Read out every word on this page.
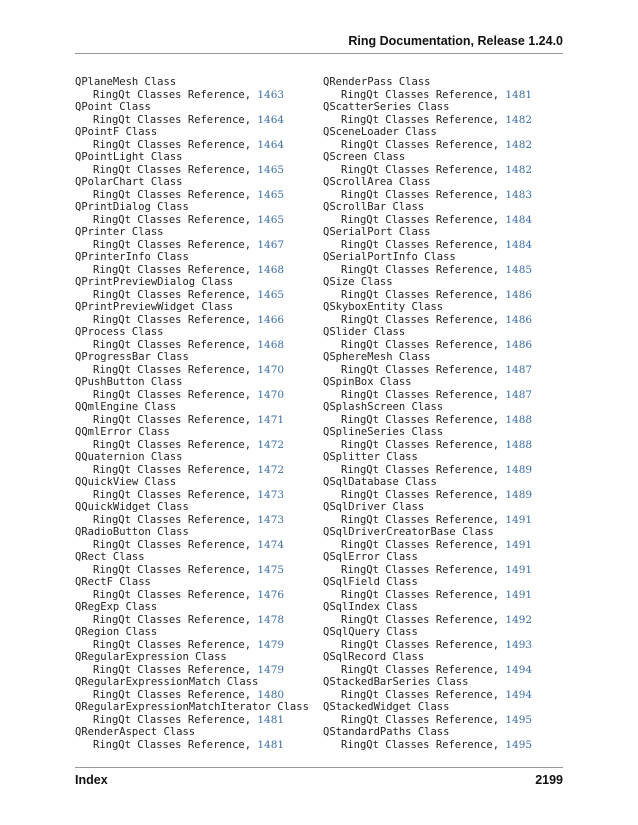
Ring Documentation, Release 1.24.0
QPlaneMesh Class
RingQt Classes Reference, 1463
QPoint Class
RingQt Classes Reference, 1464
QPointF Class
RingQt Classes Reference, 1464
QPointLight Class
RingQt Classes Reference, 1465
QPolarChart Class
RingQt Classes Reference, 1465
QPrintDialog Class
RingQt Classes Reference, 1465
QPrinter Class
RingQt Classes Reference, 1467
QPrinterInfo Class
RingQt Classes Reference, 1468
QPrintPreviewDialog Class
RingQt Classes Reference, 1465
QPrintPreviewWidget Class
RingQt Classes Reference, 1466
QProcess Class
RingQt Classes Reference, 1468
QProgressBar Class
RingQt Classes Reference, 1470
QPushButton Class
RingQt Classes Reference, 1470
QQmlEngine Class
RingQt Classes Reference, 1471
QQmlError Class
RingQt Classes Reference, 1472
QQuaternion Class
RingQt Classes Reference, 1472
QQuickView Class
RingQt Classes Reference, 1473
QQuickWidget Class
RingQt Classes Reference, 1473
QRadioButton Class
RingQt Classes Reference, 1474
QRect Class
RingQt Classes Reference, 1475
QRectF Class
RingQt Classes Reference, 1476
QRegExp Class
RingQt Classes Reference, 1478
QRegion Class
RingQt Classes Reference, 1479
QRegularExpression Class
RingQt Classes Reference, 1479
QRegularExpressionMatch Class
RingQt Classes Reference, 1480
QRegularExpressionMatchIterator Class
RingQt Classes Reference, 1481
QRenderAspect Class
RingQt Classes Reference, 1481
QRenderPass Class
RingQt Classes Reference, 1481
QScatterSeries Class
RingQt Classes Reference, 1482
QSceneLoader Class
RingQt Classes Reference, 1482
QScreen Class
RingQt Classes Reference, 1482
QScrollArea Class
RingQt Classes Reference, 1483
QScrollBar Class
RingQt Classes Reference, 1484
QSerialPort Class
RingQt Classes Reference, 1484
QSerialPortInfo Class
RingQt Classes Reference, 1485
QSize Class
RingQt Classes Reference, 1486
QSkyboxEntity Class
RingQt Classes Reference, 1486
QSlider Class
RingQt Classes Reference, 1486
QSphereMesh Class
RingQt Classes Reference, 1487
QSpinBox Class
RingQt Classes Reference, 1487
QSplashScreen Class
RingQt Classes Reference, 1488
QSplineSeries Class
RingQt Classes Reference, 1488
QSplitter Class
RingQt Classes Reference, 1489
QSqlDatabase Class
RingQt Classes Reference, 1489
QSqlDriver Class
RingQt Classes Reference, 1491
QSqlDriverCreatorBase Class
RingQt Classes Reference, 1491
QSqlError Class
RingQt Classes Reference, 1491
QSqlField Class
RingQt Classes Reference, 1491
QSqlIndex Class
RingQt Classes Reference, 1492
QSqlQuery Class
RingQt Classes Reference, 1493
QSqlRecord Class
RingQt Classes Reference, 1494
QStackedBarSeries Class
RingQt Classes Reference, 1494
QStackedWidget Class
RingQt Classes Reference, 1495
QStandardPaths Class
RingQt Classes Reference, 1495
Index	2199
